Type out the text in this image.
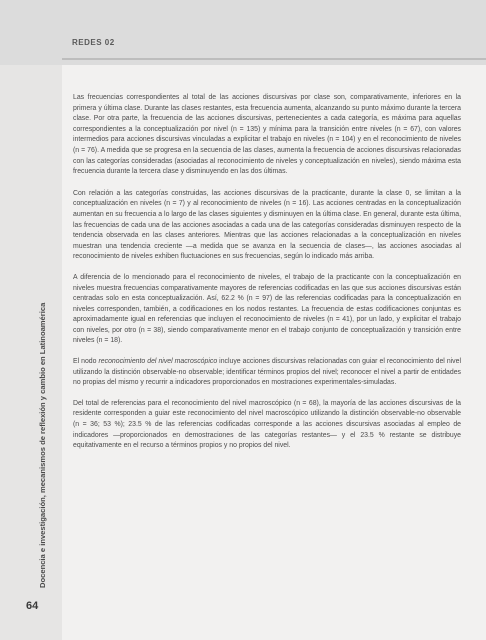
REDES 02
Docencia e investigación, mecanismos de reflexión y cambio en Latinoamérica

Las frecuencias correspondientes al total de las acciones discursivas por clase son, comparativamente, inferiores en la primera y última clase. Durante las clases restantes, esta frecuencia aumenta, alcanzando su punto máximo durante la tercera clase. Por otra parte, la frecuencia de las acciones discursivas, pertenecientes a cada categoría, es máxima para aquellas correspondientes a la conceptualización por nivel (n = 135) y mínima para la transición entre niveles (n = 67), con valores intermedios para acciones discursivas vinculadas a explicitar el trabajo en niveles (n = 104) y en el reconocimiento de niveles (n = 76). A medida que se progresa en la secuencia de las clases, aumenta la frecuencia de acciones discursivas relacionadas con las categorías consideradas (asociadas al reconocimiento de niveles y conceptualización en niveles), siendo máxima esta frecuencia durante la tercera clase y disminuyendo en las dos últimas.

Con relación a las categorías construidas, las acciones discursivas de la practicante, durante la clase 0, se limitan a la conceptualización en niveles (n = 7) y al reconocimiento de niveles (n = 16). Las acciones centradas en la conceptualización aumentan en su frecuencia a lo largo de las clases siguientes y disminuyen en la última clase. En general, durante esta última, las frecuencias de cada una de las acciones asociadas a cada una de las categorías consideradas disminuyen respecto de la tendencia observada en las clases anteriores. Mientras que las acciones relacionadas a la conceptualización en niveles muestran una tendencia creciente —a medida que se avanza en la secuencia de clases—, las acciones asociadas al reconocimiento de niveles exhiben fluctuaciones en sus frecuencias, según lo indicado más arriba.

A diferencia de lo mencionado para el reconocimiento de niveles, el trabajo de la practicante con la conceptualización en niveles muestra frecuencias comparativamente mayores de referencias codificadas en las que sus acciones discursivas están centradas solo en esta conceptualización. Así, 62.2 % (n = 97) de las referencias codificadas para la conceptualización en niveles corresponden, también, a codificaciones en los nodos restantes. La frecuencia de estas codificaciones conjuntas es aproximadamente igual en referencias que incluyen el reconocimiento de niveles (n = 41), por un lado, y explicitar el trabajo con niveles, por otro (n = 38), siendo comparativamente menor en el trabajo conjunto de conceptualización y transición entre niveles (n = 18).

El nodo reconocimiento del nivel macroscópico incluye acciones discursivas relacionadas con guiar el reconocimiento del nivel utilizando la distinción observable-no observable; identificar términos propios del nivel; reconocer el nivel a partir de entidades no propias del mismo y recurrir a indicadores proporcionados en mostraciones experimentales-simuladas.

Del total de referencias para el reconocimiento del nivel macroscópico (n = 68), la mayoría de las acciones discursivas de la residente corresponden a guiar este reconocimiento del nivel macroscópico utilizando la distinción observable-no observable (n = 36; 53 %); 23.5 % de las referencias codificadas corresponde a las acciones discursivas asociadas al empleo de indicadores —proporcionados en demostraciones de las categorías restantes— y el 23.5 % restante se distribuye equitativamente en el recurso a términos propios y no propios del nivel.

64
